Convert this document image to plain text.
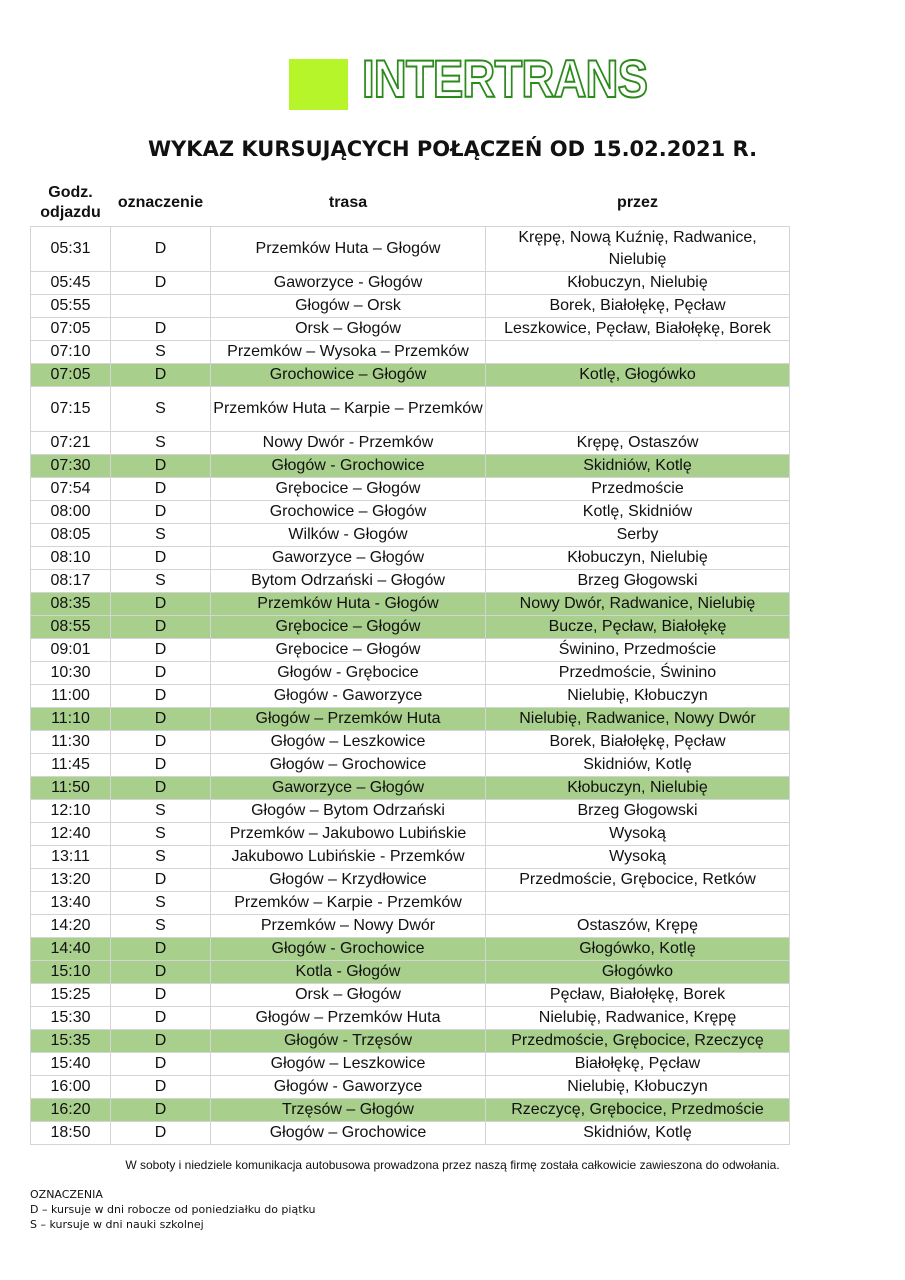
INTERTRANS
WYKAZ KURSUJĄCYCH POŁĄCZEŃ OD 15.02.2021 R.
Godz. odjazdu	oznaczenie	trasa	przez
05:31	D	Przemków Huta – Głogów	Krępę, Nową Kuźnię, Radwanice, Nielubię
05:45	D	Gaworzyce - Głogów	Kłobuczyn, Nielubię
05:55		Głogów – Orsk	Borek, Białołękę, Pęcław
07:05	D	Orsk – Głogów	Leszkowice, Pęcław, Białołękę, Borek
07:10	S	Przemków – Wysoka – Przemków	
07:05	D	Grochowice – Głogów	Kotlę, Głogówko
07:15	S	Przemków Huta – Karpie – Przemków	
07:21	S	Nowy Dwór - Przemków	Krępę, Ostaszów
07:30	D	Głogów - Grochowice	Skidniów, Kotlę
07:54	D	Grębocice – Głogów	Przedmoście
08:00	D	Grochowice – Głogów	Kotlę, Skidniów
08:05	S	Wilków - Głogów	Serby
08:10	D	Gaworzyce – Głogów	Kłobuczyn, Nielubię
08:17	S	Bytom Odrzański – Głogów	Brzeg Głogowski
08:35	D	Przemków Huta - Głogów	Nowy Dwór, Radwanice, Nielubię
08:55	D	Grębocice – Głogów	Bucze, Pęcław, Białołękę
09:01	D	Grębocice – Głogów	Świnino, Przedmoście
10:30	D	Głogów - Grębocice	Przedmoście, Świnino
11:00	D	Głogów - Gaworzyce	Nielubię, Kłobuczyn
11:10	D	Głogów – Przemków Huta	Nielubię, Radwanice, Nowy Dwór
11:30	D	Głogów – Leszkowice	Borek, Białołękę, Pęcław
11:45	D	Głogów – Grochowice	Skidniów, Kotlę
11:50	D	Gaworzyce – Głogów	Kłobuczyn, Nielubię
12:10	S	Głogów – Bytom Odrzański	Brzeg Głogowski
12:40	S	Przemków – Jakubowo Lubińskie	Wysoką
13:11	S	Jakubowo Lubińskie - Przemków	Wysoką
13:20	D	Głogów – Krzydłowice	Przedmoście, Grębocice, Retków
13:40	S	Przemków – Karpie - Przemków	
14:20	S	Przemków – Nowy Dwór	Ostaszów, Krępę
14:40	D	Głogów - Grochowice	Głogówko, Kotlę
15:10	D	Kotla - Głogów	Głogówko
15:25	D	Orsk – Głogów	Pęcław, Białołękę, Borek
15:30	D	Głogów – Przemków Huta	Nielubię, Radwanice, Krępę
15:35	D	Głogów - Trzęsów	Przedmoście, Grębocice, Rzeczycę
15:40	D	Głogów – Leszkowice	Białołękę, Pęcław
16:00	D	Głogów - Gaworzyce	Nielubię, Kłobuczyn
16:20	D	Trzęsów – Głogów	Rzeczycę, Grębocice, Przedmoście
18:50	D	Głogów – Grochowice	Skidniów, Kotlę
W soboty i niedziele komunikacja autobusowa prowadzona przez naszą firmę została całkowicie zawieszona do odwołania.
OZNACZENIA
D – kursuje w dni robocze od poniedziałku do piątku
S – kursuje w dni nauki szkolnej
